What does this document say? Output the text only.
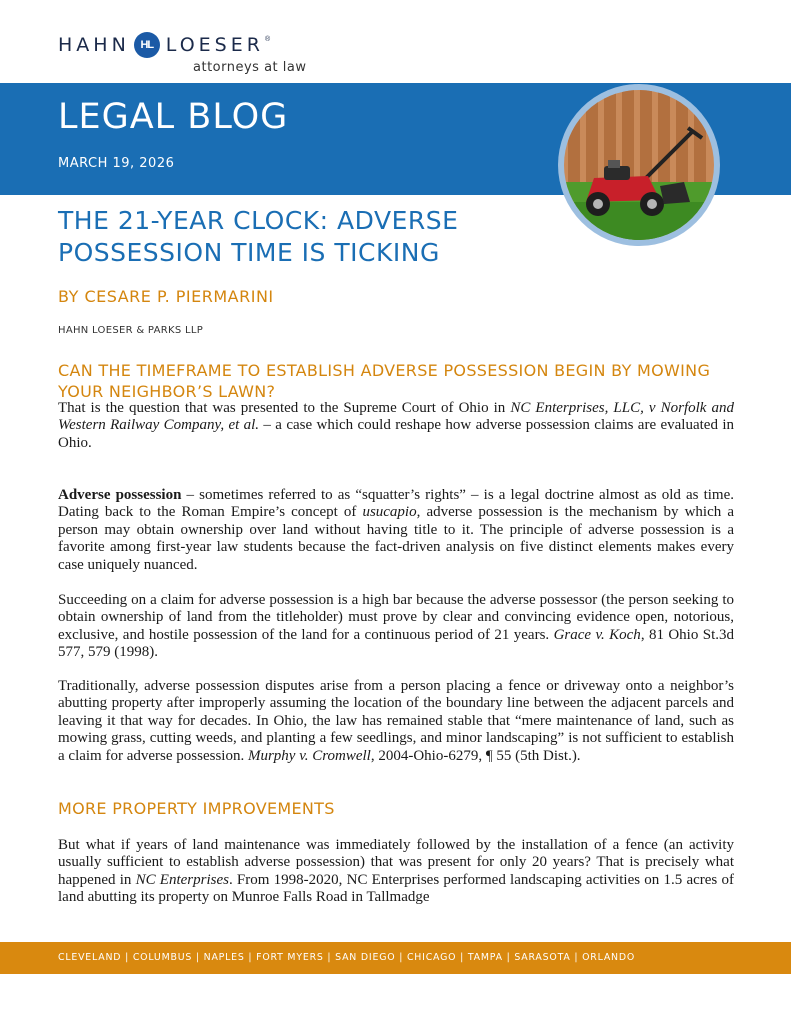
HAHN HL LOESER ®
attorneys at law
LEGAL BLOG
MARCH 19, 2026
THE 21-YEAR CLOCK: ADVERSE
POSSESSION TIME IS TICKING
BY CESARE P. PIERMARINI
HAHN LOESER & PARKS LLP
CAN THE TIMEFRAME TO ESTABLISH ADVERSE POSSESSION BEGIN BY MOWING YOUR NEIGHBOR’S LAWN?

That is the question that was presented to the Supreme Court of Ohio in NC Enterprises, LLC, v Norfolk and Western Railway Company, et al. – a case which could reshape how adverse possession claims are evaluated in Ohio.

Adverse possession – sometimes referred to as “squatter’s rights” – is a legal doctrine almost as old as time. Dating back to the Roman Empire’s concept of usucapio, adverse possession is the mechanism by which a person may obtain ownership over land without having title to it. The principle of adverse possession is a favorite among first-year law students because the fact-driven analysis on five distinct elements makes every case uniquely nuanced.

Succeeding on a claim for adverse possession is a high bar because the adverse possessor (the person seeking to obtain ownership of land from the titleholder) must prove by clear and convincing evidence open, notorious, exclusive, and hostile possession of the land for a continuous period of 21 years. Grace v. Koch, 81 Ohio St.3d 577, 579 (1998).

Traditionally, adverse possession disputes arise from a person placing a fence or driveway onto a neighbor’s abutting property after improperly assuming the location of the boundary line between the adjacent parcels and leaving it that way for decades. In Ohio, the law has remained stable that “mere maintenance of land, such as mowing grass, cutting weeds, and planting a few seedlings, and minor landscaping” is not sufficient to establish a claim for adverse possession. Murphy v. Cromwell, 2004-Ohio-6279, ¶ 55 (5th Dist.).

MORE PROPERTY IMPROVEMENTS

But what if years of land maintenance was immediately followed by the installation of a fence (an activity usually sufficient to establish adverse possession) that was present for only 20 years? That is precisely what happened in NC Enterprises. From 1998-2020, NC Enterprises performed landscaping activities on 1.5 acres of land abutting its property on Munroe Falls Road in Tallmadge

CLEVELAND | COLUMBUS | NAPLES | FORT MYERS | SAN DIEGO | CHICAGO | TAMPA | SARASOTA | ORLANDO
